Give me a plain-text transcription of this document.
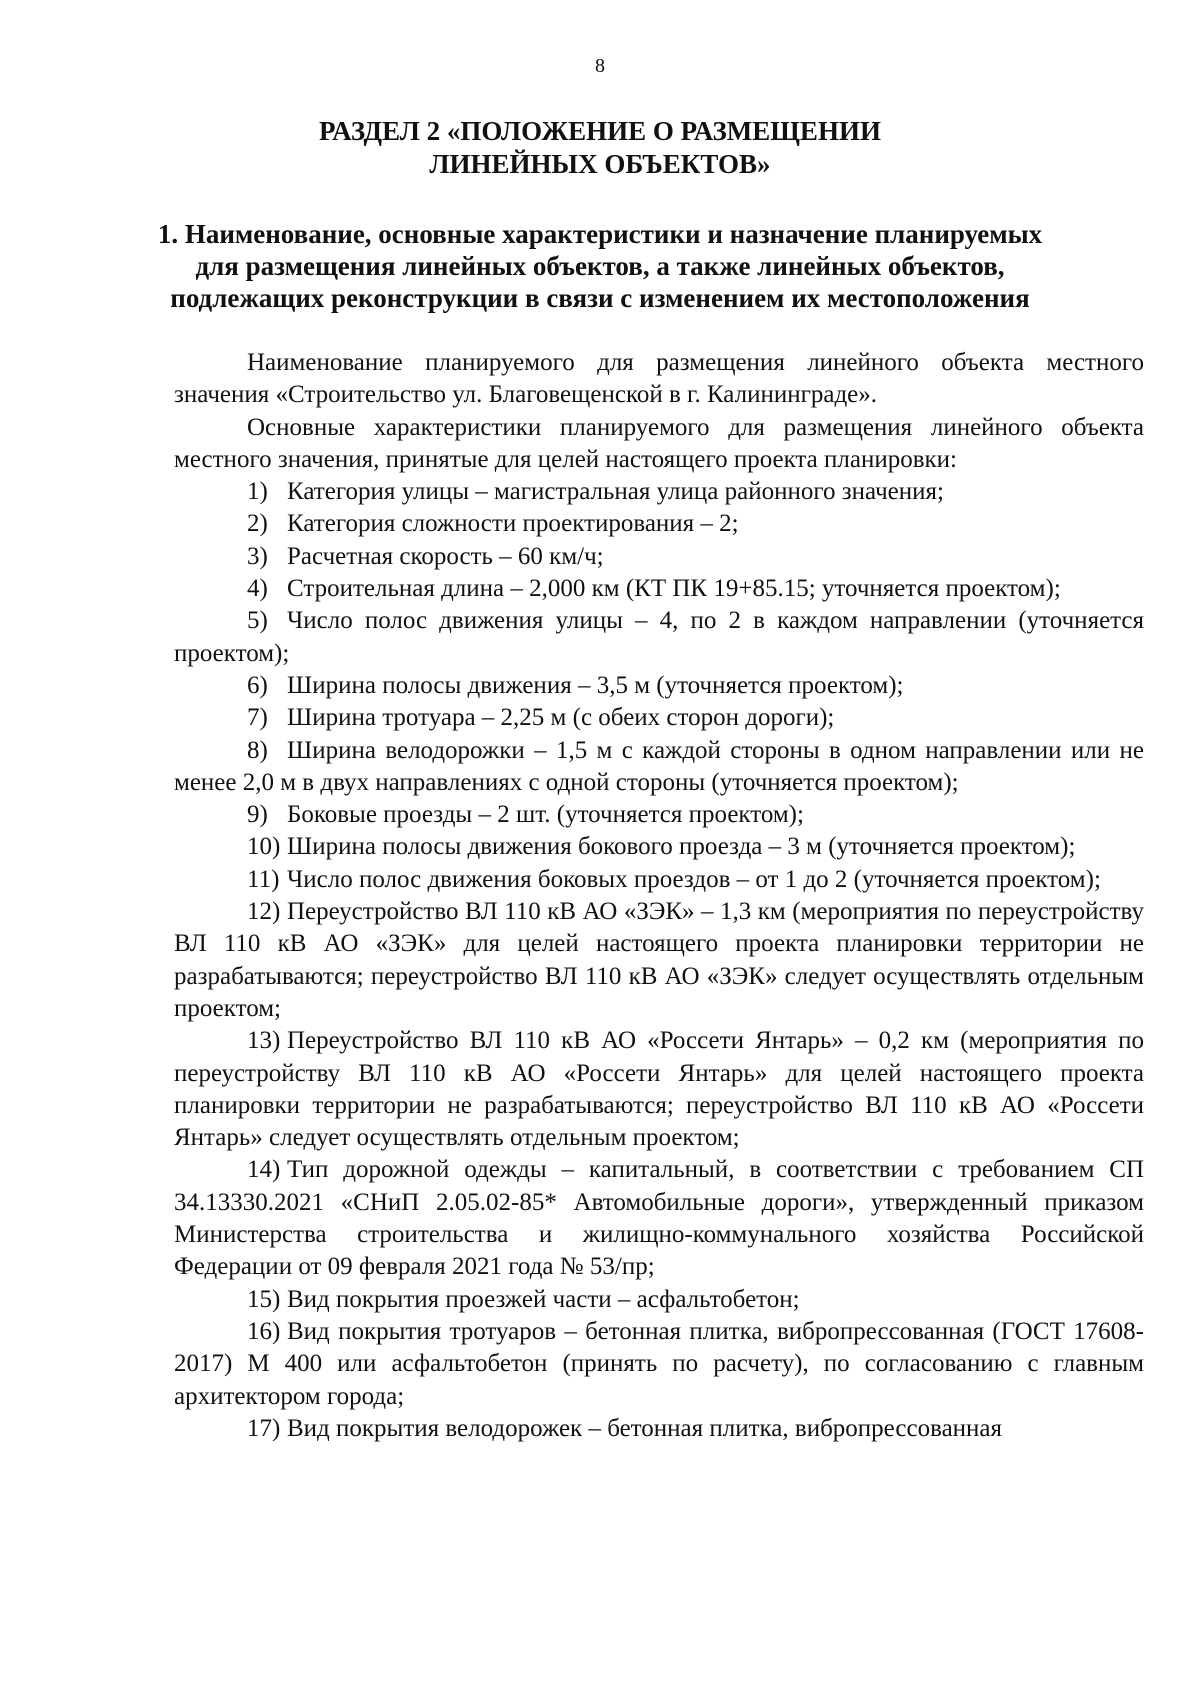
8
РАЗДЕЛ 2 «ПОЛОЖЕНИЕ О РАЗМЕЩЕНИИ
ЛИНЕЙНЫХ ОБЪЕКТОВ»
1. Наименование, основные характеристики и назначение планируемых
для размещения линейных объектов, а также линейных объектов,
подлежащих реконструкции в связи с изменением их местоположения

Наименование планируемого для размещения линейного объекта местного значения «Строительство ул. Благовещенской в г. Калининграде».

Основные характеристики планируемого для размещения линейного объекта местного значения, принятые для целей настоящего проекта планировки:

1) Категория улицы – магистральная улица районного значения;

2) Категория сложности проектирования – 2;

3) Расчетная скорость – 60 км/ч;

4) Строительная длина – 2,000 км (КТ ПК 19+85.15; уточняется проектом);

5) Число полос движения улицы – 4, по 2 в каждом направлении (уточняется проектом);

6) Ширина полосы движения – 3,5 м (уточняется проектом);

7) Ширина тротуара – 2,25 м (с обеих сторон дороги);

8) Ширина велодорожки – 1,5 м с каждой стороны в одном направлении или не менее 2,0 м в двух направлениях с одной стороны (уточняется проектом);

9) Боковые проезды – 2 шт. (уточняется проектом);

10) Ширина полосы движения бокового проезда – 3 м (уточняется проектом);

11) Число полос движения боковых проездов – от 1 до 2 (уточняется проектом);

12) Переустройство ВЛ 110 кВ АО «ЗЭК» – 1,3 км (мероприятия по переустройству ВЛ 110 кВ АО «ЗЭК» для целей настоящего проекта планировки территории не разрабатываются; переустройство ВЛ 110 кВ АО «ЗЭК» следует осуществлять отдельным проектом;

13) Переустройство ВЛ 110 кВ АО «Россети Янтарь» – 0,2 км (мероприятия по переустройству ВЛ 110 кВ АО «Россети Янтарь» для целей настоящего проекта планировки территории не разрабатываются; переустройство ВЛ 110 кВ АО «Россети Янтарь» следует осуществлять отдельным проектом;

14) Тип дорожной одежды – капитальный, в соответствии с требованием СП 34.13330.2021 «СНиП 2.05.02-85* Автомобильные дороги», утвержденный приказом Министерства строительства и жилищно-коммунального хозяйства Российской Федерации от 09 февраля 2021 года № 53/пр;

15) Вид покрытия проезжей части – асфальтобетон;

16) Вид покрытия тротуаров – бетонная плитка, вибропрессованная (ГОСТ 17608-2017) М 400 или асфальтобетон (принять по расчету), по согласованию с главным архитектором города;

17) Вид покрытия велодорожек – бетонная плитка, вибропрессованная
